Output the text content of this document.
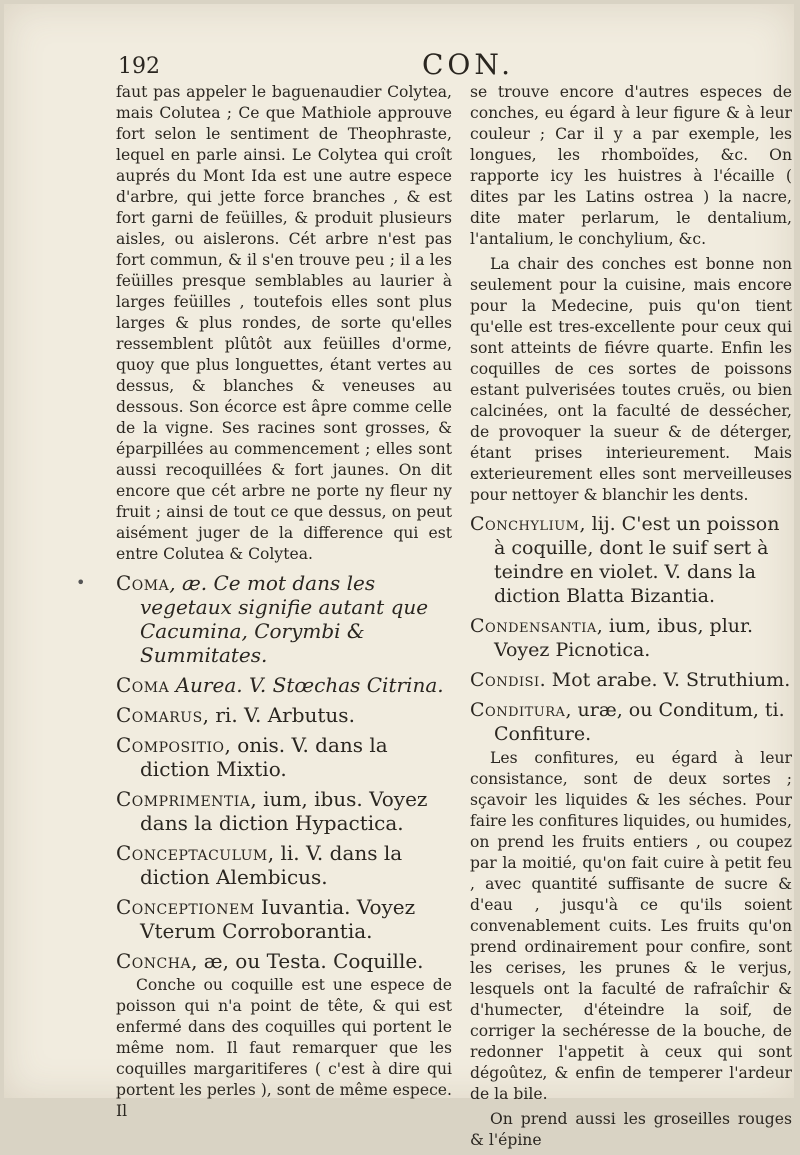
192	CON.

faut pas appeler le baguenaudier Colytea, mais Colutea ; Ce que Mathiole approuve fort selon le sentiment de Theophraste, lequel en parle ainsi. Le Colytea qui croît auprés du Mont Ida est une autre espece d'arbre, qui jette force branches , & est fort garni de feüilles, & produit plusieurs aisles, ou aislerons. Cét arbre n'est pas fort commun, & il s'en trouve peu ; il a les feüilles presque semblables au laurier à larges feüilles , toutefois elles sont plus larges & plus rondes, de sorte qu'elles ressemblent plûtôt aux feüilles d'orme, quoy que plus longuettes, étant vertes au dessus, & blanches & veneuses au dessous. Son écorce est âpre comme celle de la vigne. Ses racines sont grosses, & éparpillées au commencement ; elles sont aussi recoquillées & fort jaunes. On dit encore que cét arbre ne porte ny fleur ny fruit ; ainsi de tout ce que dessus, on peut aisément juger de la difference qui est entre Colutea & Colytea.

Coma, æ. Ce mot dans les vegetaux signifie autant que Cacumina, Corymbi & Summitates.

Coma Aurea. V. Stœchas Citrina.

Comarus, ri. V. Arbutus.

Compositio, onis. V. dans la diction Mixtio.

Comprimentia, ium, ibus. Voyez dans la diction Hypactica.

Conceptaculum, li. V. dans la diction Alembicus.

Conceptionem Iuvantia. Voyez Vterum Corroborantia.

Concha, æ, ou Testa. Coquille.

Conche ou coquille est une espece de poisson qui n'a point de tête, & qui est enfermé dans des coquilles qui portent le même nom. Il faut remarquer que les coquilles margaritiferes ( c'est à dire qui portent les perles ), sont de même espece. Il

se trouve encore d'autres especes de conches, eu égard à leur figure & à leur couleur ; Car il y a par exemple, les longues, les rhomboïdes, &c. On rapporte icy les huistres à l'écaille ( dites par les Latins ostrea ) la nacre, dite mater perlarum, le dentalium, l'antalium, le conchylium, &c.

La chair des conches est bonne non seulement pour la cuisine, mais encore pour la Medecine, puis qu'on tient qu'elle est tres-excellente pour ceux qui sont atteints de fiévre quarte. Enfin les coquilles de ces sortes de poissons estant pulverisées toutes cruës, ou bien calcinées, ont la faculté de dessécher, de provoquer la sueur & de déterger, étant prises interieurement. Mais exterieurement elles sont merveilleuses pour nettoyer & blanchir les dents.

Conchylium, lij. C'est un poisson à coquille, dont le suif sert à teindre en violet. V. dans la diction Blatta Bizantia.

Condensantia, ium, ibus, plur. Voyez Picnotica.

Condisi. Mot arabe. V. Struthium.

Conditura, uræ, ou Conditum, ti. Confiture.

Les confitures, eu égard à leur consistance, sont de deux sortes ; sçavoir les liquides & les séches. Pour faire les confitures liquides, ou humides, on prend les fruits entiers , ou coupez par la moitié, qu'on fait cuire à petit feu , avec quantité suffisante de sucre & d'eau , jusqu'à ce qu'ils soient convenablement cuits. Les fruits qu'on prend ordinairement pour confire, sont les cerises, les prunes & le verjus, lesquels ont la faculté de rafraîchir & d'humecter, d'éteindre la soif, de corriger la sechéresse de la bouche, de redonner l'appetit à ceux qui sont dégoûtez, & enfin de temperer l'ardeur de la bile.

On prend aussi les groseilles rouges & l'épine
